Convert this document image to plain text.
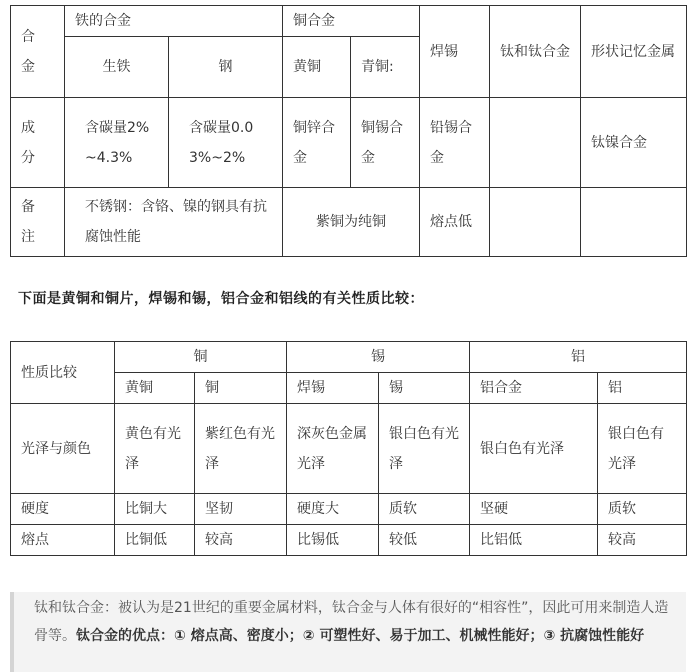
合金	铁的合金		铜合金		焊锡	钛和钛合金	形状记忆金属
	生铁	钢	黄铜	青铜:			

成分	含碳量2%~4.3%	含碳量0.03%~2%	铜锌合金	铜锡合金	铅锡合金		钛镍合金

备注	不锈钢：含铬、镍的钢具有抗腐蚀性能		紫铜为纯铜		熔点低		
下面是黄铜和铜片，焊锡和锡，铝合金和铝线的有关性质比较：
性质比较	铜		锡		铝	
	黄铜	铜	焊锡	锡	铝合金	铝
光泽与颜色	黄色有光泽	紫红色有光泽	深灰色金属光泽	银白色有光泽	银白色有光泽	银白色有光泽
硬度	比铜大	坚韧	硬度大	质软	坚硬	质软
熔点	比铜低	较高	比锡低	较低	比铝低	较高
钛和钛合金：被认为是21世纪的重要金属材料，钛合金与人体有很好的“相容性”，因此可用来制造人造骨等。钛合金的优点：① 熔点高、密度小；② 可塑性好、易于加工、机械性能好；③ 抗腐蚀性能好
